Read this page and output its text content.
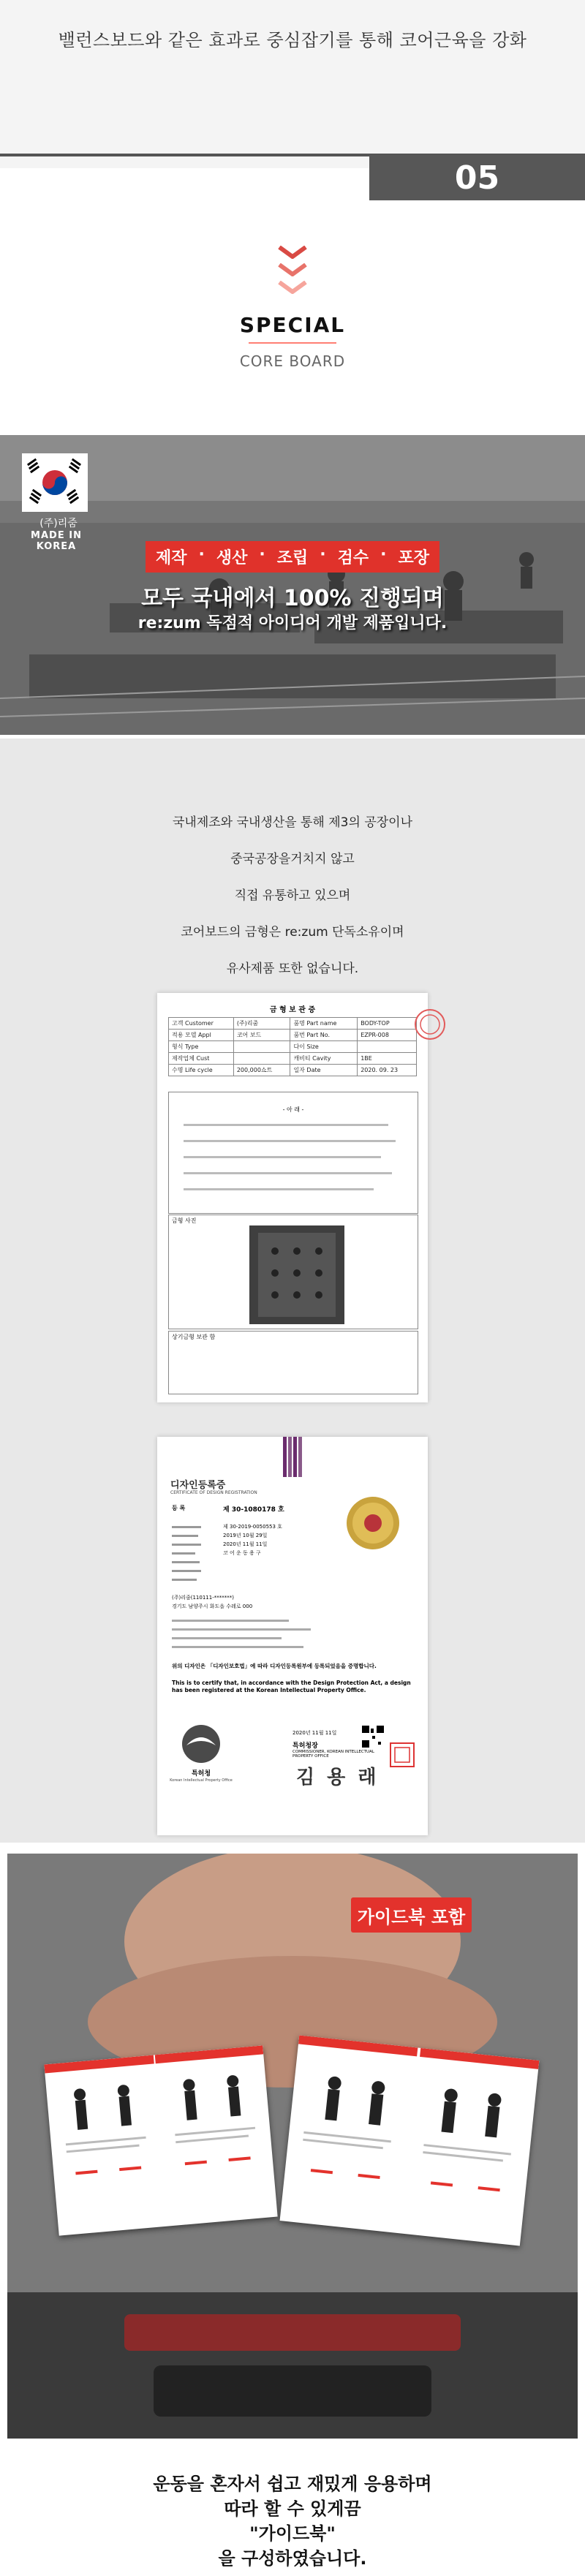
밸런스보드와 같은 효과로 중심잡기를 통해 코어근육을 강화
05
SPECIAL
CORE BOARD
(주)리줌
MADE IN KOREA
제작 · 생산 · 조립 · 검수 · 포장
모두 국내에서 100% 진행되며
re:zum 독점적 아이디어 개발 제품입니다.

국내제조와 국내생산을 통해 제3의 공장이나

중국공장을거치지 않고

직접 유통하고 있으며

코어보드의 금형은 re:zum 단독소유이며

유사제품 또한 없습니다.

금 형 보 관 증
고객 Customer	(주)리줌	품명 Part name	BODY-TOP
적용 모델 Appl	코어 보드	품번 Part No.	EZPR-008
형식 Type		다이 Size	
제작업체 Cust		캐비티 Cavity	1BE
수명 Life cycle	200,000쇼트	일자 Date	2020. 09. 23
- 아 래 -
금형 사진
상기금형 보관 함
디자인등록증
CERTIFICATE OF DESIGN REGISTRATION
등 록	제 30-1080178 호
제 30-2019-0050553 호
2019년 10월 29일
2020년 11월 11일
코 어 운 동 용 구
(주)리줌(110111-*******)
경기도 남양주시 화도읍 수레로 000
위의 디자인은 「디자인보호법」에 따라 디자인등록원부에 등록되었음을 증명합니다.
This is to certify that, in accordance with the Design Protection Act, a design has been registered at the Korean Intellectual Property Office.
특허청
Korean Intellectual Property Office
2020년 11월 11일
특허청장
COMMISSIONER, KOREAN INTELLECTUAL PROPERTY OFFICE
김 용 래
가이드북 포함

운동을 혼자서 쉽고 재밌게 응용하며

따라 할 수 있게끔

"가이드북"

을 구성하였습니다.
